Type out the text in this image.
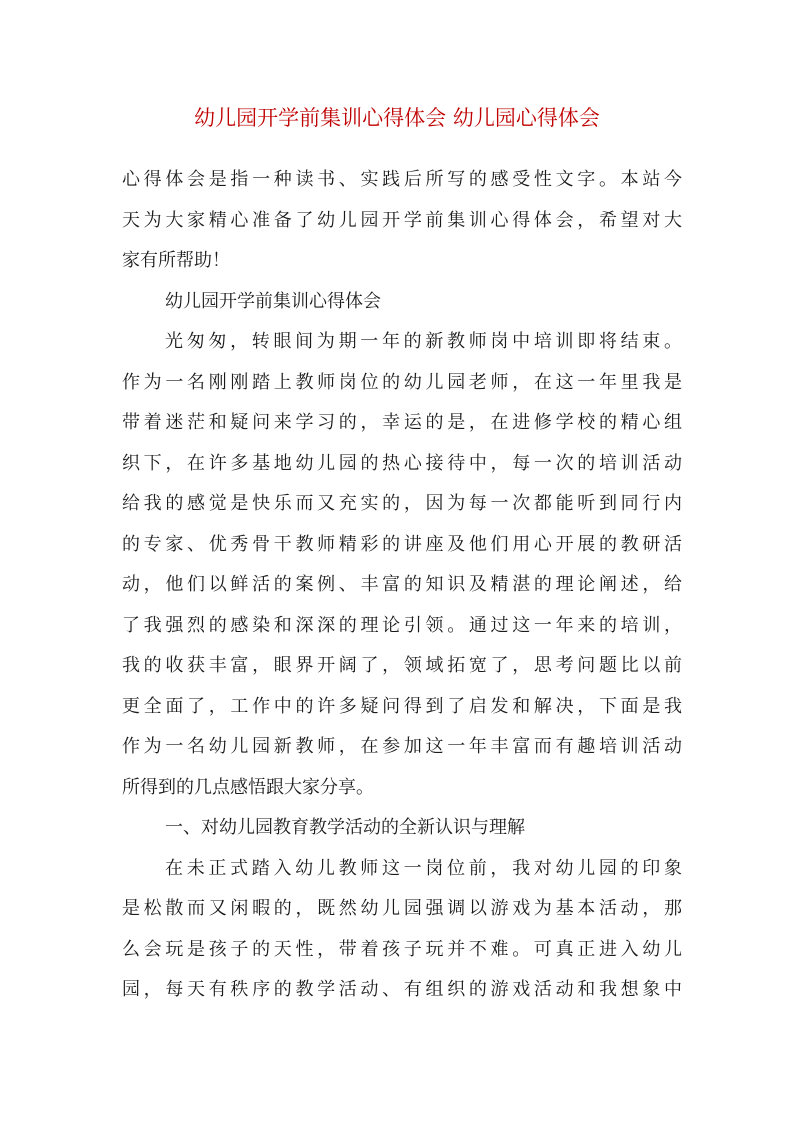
幼儿园开学前集训心得体会 幼儿园心得体会
心得体会是指一种读书、实践后所写的感受性文字。本站今
天为大家精心准备了幼儿园开学前集训心得体会，希望对大
家有所帮助！
幼儿园开学前集训心得体会
光匆匆，转眼间为期一年的新教师岗中培训即将结束。
作为一名刚刚踏上教师岗位的幼儿园老师，在这一年里我是
带着迷茫和疑问来学习的，幸运的是，在进修学校的精心组
织下，在许多基地幼儿园的热心接待中，每一次的培训活动
给我的感觉是快乐而又充实的，因为每一次都能听到同行内
的专家、优秀骨干教师精彩的讲座及他们用心开展的教研活
动，他们以鲜活的案例、丰富的知识及精湛的理论阐述，给
了我强烈的感染和深深的理论引领。通过这一年来的培训，
我的收获丰富，眼界开阔了，领域拓宽了，思考问题比以前
更全面了，工作中的许多疑问得到了启发和解决，下面是我
作为一名幼儿园新教师，在参加这一年丰富而有趣培训活动
所得到的几点感悟跟大家分享。
一、对幼儿园教育教学活动的全新认识与理解
在未正式踏入幼儿教师这一岗位前，我对幼儿园的印象
是松散而又闲暇的，既然幼儿园强调以游戏为基本活动，那
么会玩是孩子的天性，带着孩子玩并不难。可真正进入幼儿
园，每天有秩序的教学活动、有组织的游戏活动和我想象中
